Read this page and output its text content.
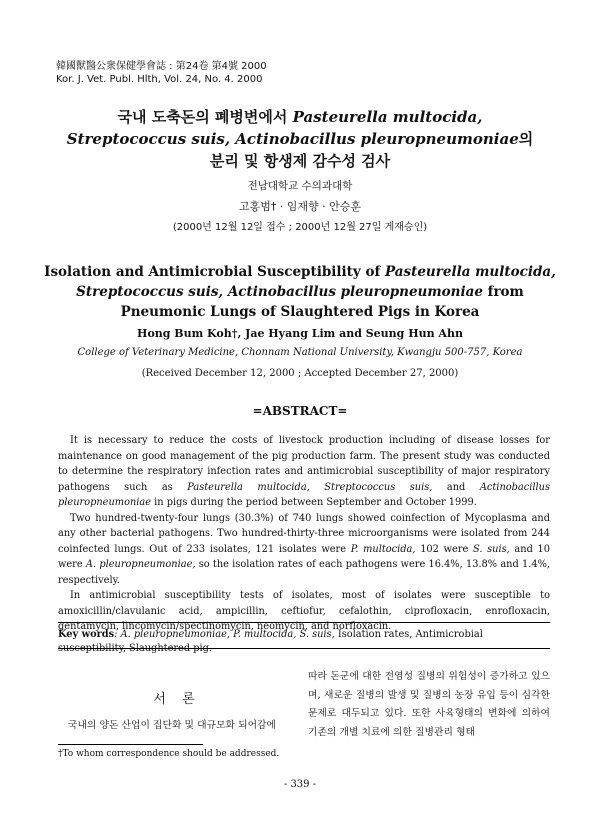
韓國獸醫公衆保健學會誌 : 第24卷 第4號 2000
Kor. J. Vet. Publ. Hlth, Vol. 24, No. 4. 2000
국내 도축돈의 폐병변에서 Pasteurella multocida,
Streptococcus suis, Actinobacillus pleuropneumoniae의
분리 및 항생제 감수성 검사
전남대학교 수의과대학
고홍범† · 임재향 · 안승훈
(2000년 12월 12일 접수 ; 2000년 12월 27일 게재승인)
Isolation and Antimicrobial Susceptibility of Pasteurella multocida,
Streptococcus suis, Actinobacillus pleuropneumoniae from
Pneumonic Lungs of Slaughtered Pigs in Korea
Hong Bum Koh†, Jae Hyang Lim and Seung Hun Ahn
College of Veterinary Medicine, Chonnam National University, Kwangju 500-757, Korea
(Received December 12, 2000 ; Accepted December 27, 2000)
=ABSTRACT=

It is necessary to reduce the costs of livestock production including of disease losses for maintenance on good management of the pig production farm. The present study was conducted to determine the respiratory infection rates and antimicrobial susceptibility of major respiratory pathogens such as Pasteurella multocida, Streptococcus suis, and Actinobacillus pleuropneumoniae in pigs during the period between September and October 1999.

Two hundred-twenty-four lungs (30.3%) of 740 lungs showed coinfection of Mycoplasma and any other bacterial pathogens. Two hundred-thirty-three microorganisms were isolated from 244 coinfected lungs. Out of 233 isolates, 121 isolates were P. multocida, 102 were S. suis, and 10 were A. pleuropneumoniae, so the isolation rates of each pathogens were 16.4%, 13.8% and 1.4%, respectively.

In antimicrobial susceptibility tests of isolates, most of isolates were susceptible to amoxicillin/clavulanic acid, ampicillin, ceftiofur, cefalothin, ciprofloxacin, enrofloxacin, gentamycin, lincomycin/spectinomycin, neomycin, and norfloxacin.

Key words: A. pleuropneumoniae, P. multocida, S. suis, Isolation rates, Antimicrobial susceptibility, Slaughtered pig.
서 론
국내의 양돈 산업이 집단화 및 대규모화 되어감에
따라 돈군에 대한 전염성 질병의 위험성이 증가하고 있으며, 새로운 질병의 발생 및 질병의 농장 유입 등이 심각한 문제로 대두되고 있다. 또한 사육형태의 변화에 의하여 기존의 개별 치료에 의한 질병관리 형태
†To whom correspondence should be addressed.
- 339 -
